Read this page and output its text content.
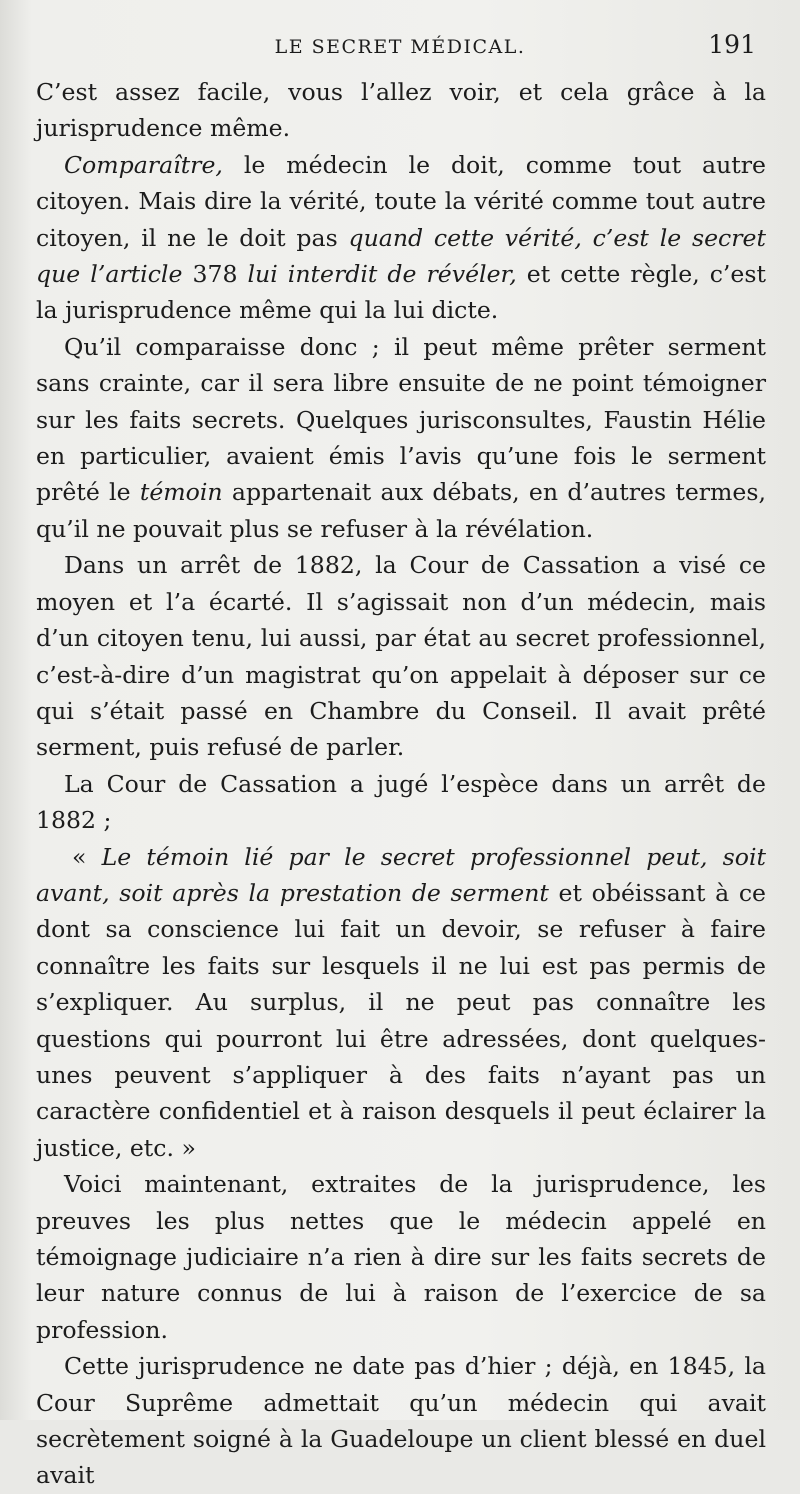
LE SECRET MÉDICAL.	191

C’est assez facile, vous l’allez voir, et cela grâce à la jurisprudence même.

Comparaître, le médecin le doit, comme tout autre citoyen. Mais dire la vérité, toute la vérité comme tout autre citoyen, il ne le doit pas quand cette vérité, c’est le secret que l’article 378 lui interdit de révéler, et cette règle, c’est la jurisprudence même qui la lui dicte.

Qu’il comparaisse donc ; il peut même prêter serment sans crainte, car il sera libre ensuite de ne point témoigner sur les faits secrets. Quelques jurisconsultes, Faustin Hélie en particulier, avaient émis l’avis qu’une fois le serment prêté le témoin appartenait aux débats, en d’autres termes, qu’il ne pouvait plus se refuser à la révélation.

Dans un arrêt de 1882, la Cour de Cassation a visé ce moyen et l’a écarté. Il s’agissait non d’un médecin, mais d’un citoyen tenu, lui aussi, par état au secret professionnel, c’est-à-dire d’un magistrat qu’on appelait à déposer sur ce qui s’était passé en Chambre du Conseil. Il avait prêté serment, puis refusé de parler.

La Cour de Cassation a jugé l’espèce dans un arrêt de 1882 ;

« Le témoin lié par le secret professionnel peut, soit avant, soit après la prestation de serment et obéissant à ce dont sa conscience lui fait un devoir, se refuser à faire connaître les faits sur lesquels il ne lui est pas permis de s’expliquer. Au surplus, il ne peut pas connaître les questions qui pourront lui être adressées, dont quelques-unes peuvent s’appliquer à des faits n’ayant pas un caractère confidentiel et à raison desquels il peut éclairer la justice, etc. »

Voici maintenant, extraites de la jurisprudence, les preuves les plus nettes que le médecin appelé en témoignage judiciaire n’a rien à dire sur les faits secrets de leur nature connus de lui à raison de l’exercice de sa profession.

Cette jurisprudence ne date pas d’hier ; déjà, en 1845, la Cour Suprême admettait qu’un médecin qui avait secrètement soigné à la Guadeloupe un client blessé en duel avait
